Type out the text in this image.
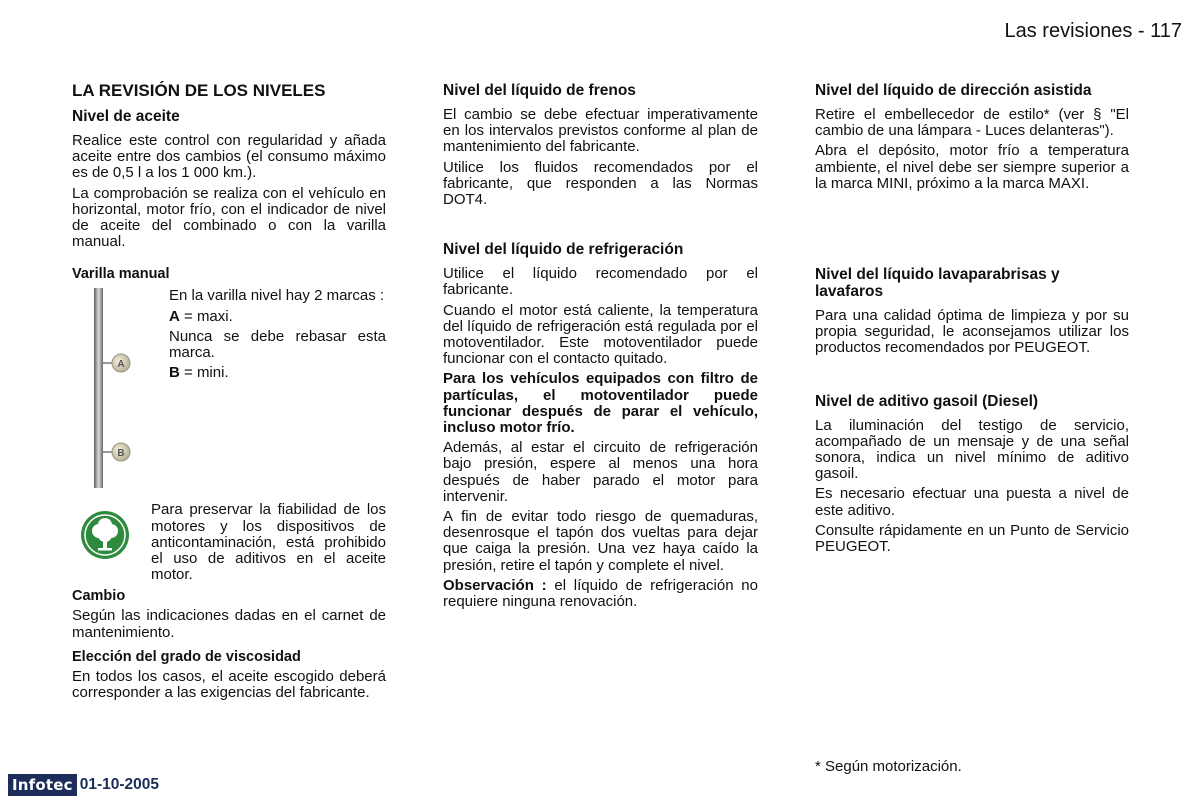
Las revisiones - 117
LA REVISIÓN DE LOS NIVELES
Nivel de aceite

Realice este control con regularidad y añada aceite entre dos cambios (el consumo máximo es de 0,5 l a los 1 000 km.).

La comprobación se realiza con el vehículo en horizontal, motor frío, con el indicador de nivel de aceite del combinado o con la varilla manual.

Varilla manual
A
B

En la varilla nivel hay 2 marcas :

A = maxi.

Nunca se debe rebasar esta marca.

B = mini.

Para preservar la fiabilidad de los motores y los dispositivos de anticontaminación, está prohibido el uso de aditivos en el aceite motor.

Cambio

Según las indicaciones dadas en el carnet de mantenimiento.

Elección del grado de viscosidad

En todos los casos, el aceite escogido deberá corresponder a las exigencias del fabricante.

Nivel del líquido de frenos

El cambio se debe efectuar imperativamente en los intervalos previstos conforme al plan de mantenimiento del fabricante.

Utilice los fluidos recomendados por el fabricante, que responden a las Normas DOT4.

Nivel del líquido de refrigeración

Utilice el líquido recomendado por el fabricante.

Cuando el motor está caliente, la temperatura del líquido de refrigeración está regulada por el motoventilador. Este motoventilador puede funcionar con el contacto quitado.

Para los vehículos equipados con filtro de partículas, el motoventilador puede funcionar después de parar el vehículo, incluso motor frío.

Además, al estar el circuito de refrigeración bajo presión, espere al menos una hora después de haber parado el motor para intervenir.

A fin de evitar todo riesgo de quemaduras, desenrosque el tapón dos vueltas para dejar que caiga la presión. Una vez haya caído la presión, retire el tapón y complete el nivel.

Observación : el líquido de refrigeración no requiere ninguna renovación.

Nivel del líquido de dirección asistida

Retire el embellecedor de estilo* (ver § "El cambio de una lámpara - Luces delanteras").

Abra el depósito, motor frío a temperatura ambiente, el nivel debe ser siempre superior a la marca MINI, próximo a la marca MAXI.

Nivel del líquido lavaparabrisas y lavafaros

Para una calidad óptima de limpieza y por su propia seguridad, le aconsejamos utilizar los productos recomendados por PEUGEOT.

Nivel de aditivo gasoil (Diesel)

La iluminación del testigo de servicio, acompañado de un mensaje y de una señal sonora, indica un nivel mínimo de aditivo gasoil.

Es necesario efectuar una puesta a nivel de este aditivo.

Consulte rápidamente en un Punto de Servicio PEUGEOT.

* Según motorización.
Infotec 01-10-2005
